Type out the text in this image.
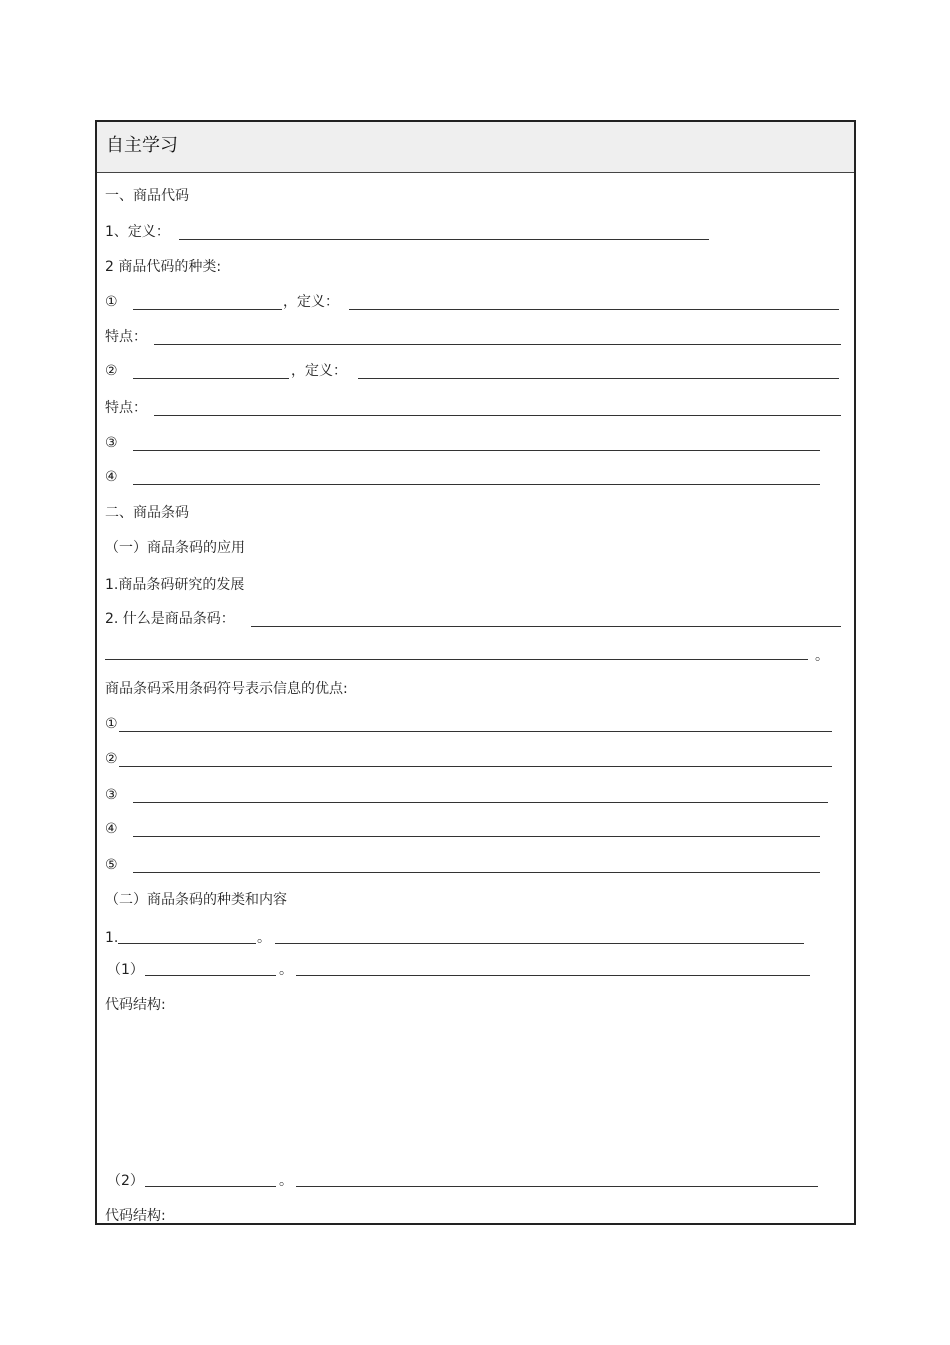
自主学习
一、商品代码
1、定义：
2 商品代码的种类:
①	，定义：
特点：
②	，定义：
特点：
③
④
二、商品条码
（一）商品条码的应用
1.商品条码研究的发展
2. 什么是商品条码：
。
商品条码采用条码符号表示信息的优点:
①
②
③
④
⑤
（二）商品条码的种类和内容
1.	。
（1）	。
代码结构:
（2）	。
代码结构:
